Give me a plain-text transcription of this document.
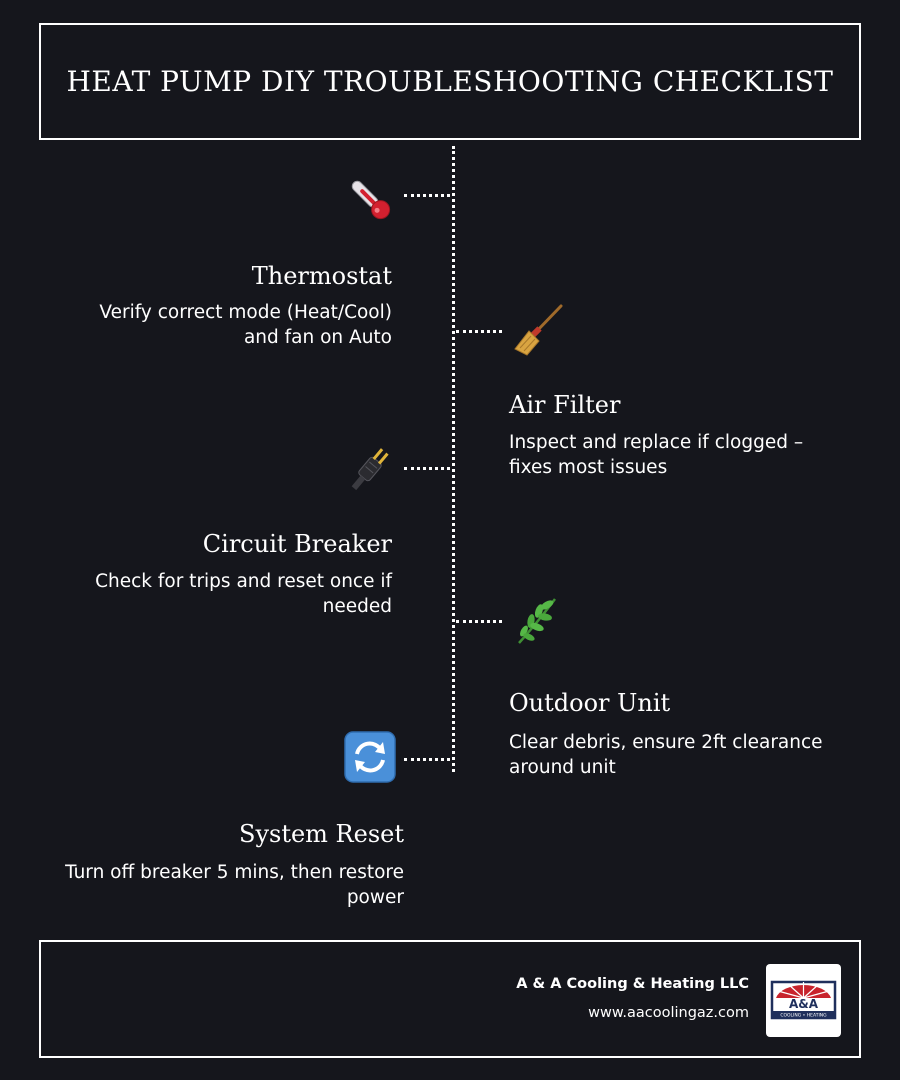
HEAT PUMP DIY TROUBLESHOOTING CHECKLIST
Thermostat
Verify correct mode (Heat/Cool) and fan on Auto
Air Filter
Inspect and replace if clogged – fixes most issues
Circuit Breaker
Check for trips and reset once if needed
Outdoor Unit
Clear debris, ensure 2ft clearance around unit
System Reset
Turn off breaker 5 mins, then restore power
A & A Cooling & Heating LLC
www.aacoolingaz.com
A&A
COOLING • HEATING
